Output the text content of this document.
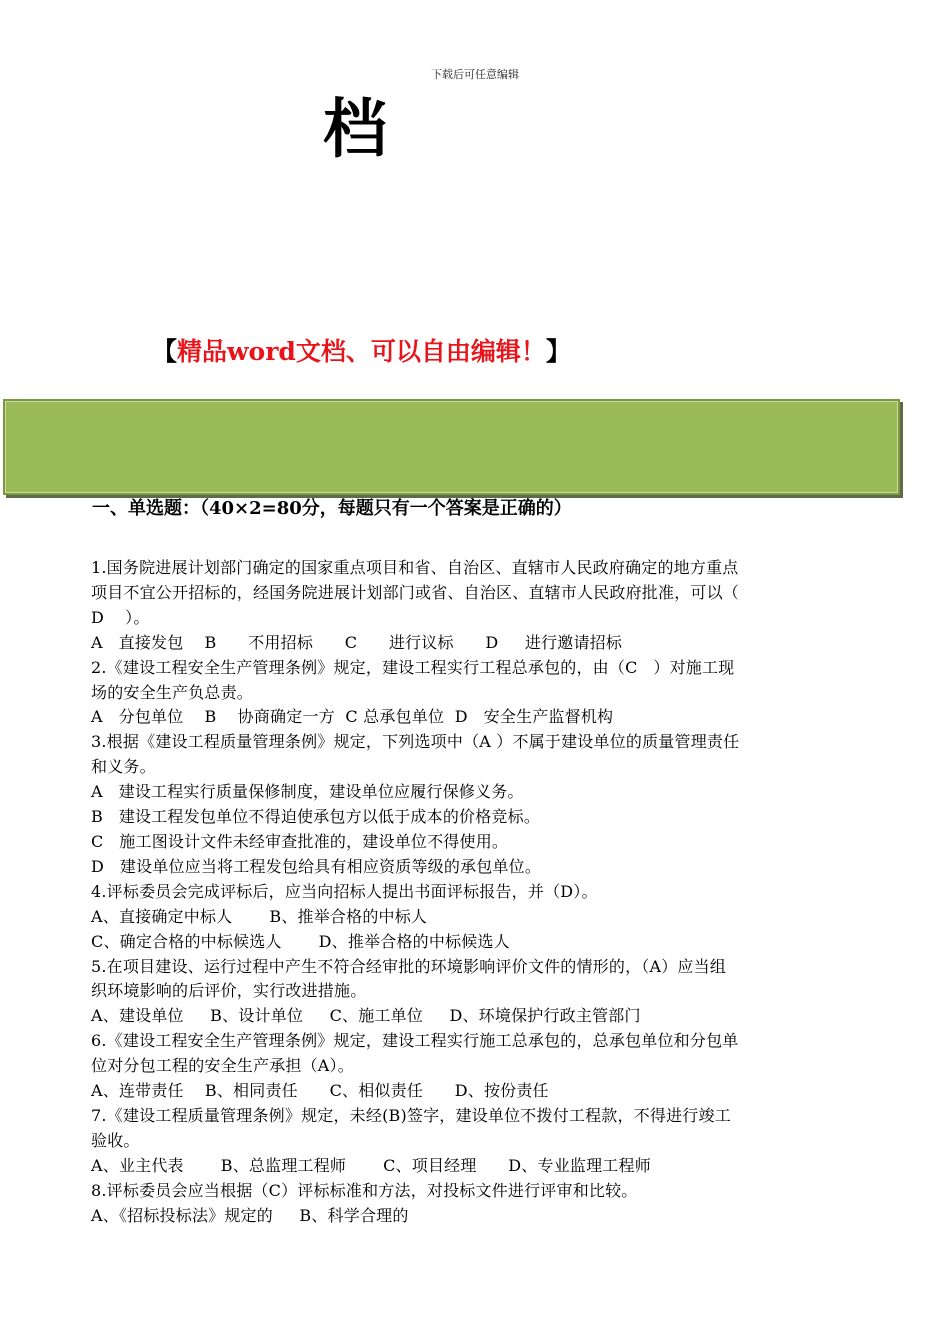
下载后可任意编辑
档
【精品word文档、可以自由编辑！】
一、单选题：（40×2=80分，每题只有一个答案是正确的）
1.国务院进展计划部门确定的国家重点项目和省、自治区、直辖市人民政府确定的地方重点
项目不宜公开招标的，经国务院进展计划部门或省、自治区、直辖市人民政府批准，可以（
D    ）。
A   直接发包    B      不用招标      C      进行议标      D     进行邀请招标
2.《建设工程安全生产管理条例》规定，建设工程实行工程总承包的，由（C   ）对施工现
场的安全生产负总责。
A   分包单位    B    协商确定一方  C 总承包单位  D   安全生产监督机构
3.根据《建设工程质量管理条例》规定，下列选项中（A ）不属于建设单位的质量管理责任
和义务。
A   建设工程实行质量保修制度，建设单位应履行保修义务。
B   建设工程发包单位不得迫使承包方以低于成本的价格竞标。
C   施工图设计文件未经审查批准的，建设单位不得使用。
D   建设单位应当将工程发包给具有相应资质等级的承包单位。
4.评标委员会完成评标后，应当向招标人提出书面评标报告，并（D）。
A、直接确定中标人       B、推举合格的中标人
C、确定合格的中标候选人       D、推举合格的中标候选人
5.在项目建设、运行过程中产生不符合经审批的环境影响评价文件的情形的，（A）应当组
织环境影响的后评价，实行改进措施。
A、建设单位     B、设计单位     C、施工单位     D、环境保护行政主管部门
6.《建设工程安全生产管理条例》规定，建设工程实行施工总承包的，总承包单位和分包单
位对分包工程的安全生产承担（A）。
A、连带责任    B、相同责任      C、相似责任      D、按份责任
7.《建设工程质量管理条例》规定，未经(B)签字，建设单位不拨付工程款，不得进行竣工
验收。
A、业主代表       B、总监理工程师       C、项目经理      D、专业监理工程师
8.评标委员会应当根据（C）评标标准和方法，对投标文件进行评审和比较。
A、《招标投标法》规定的     B、科学合理的
